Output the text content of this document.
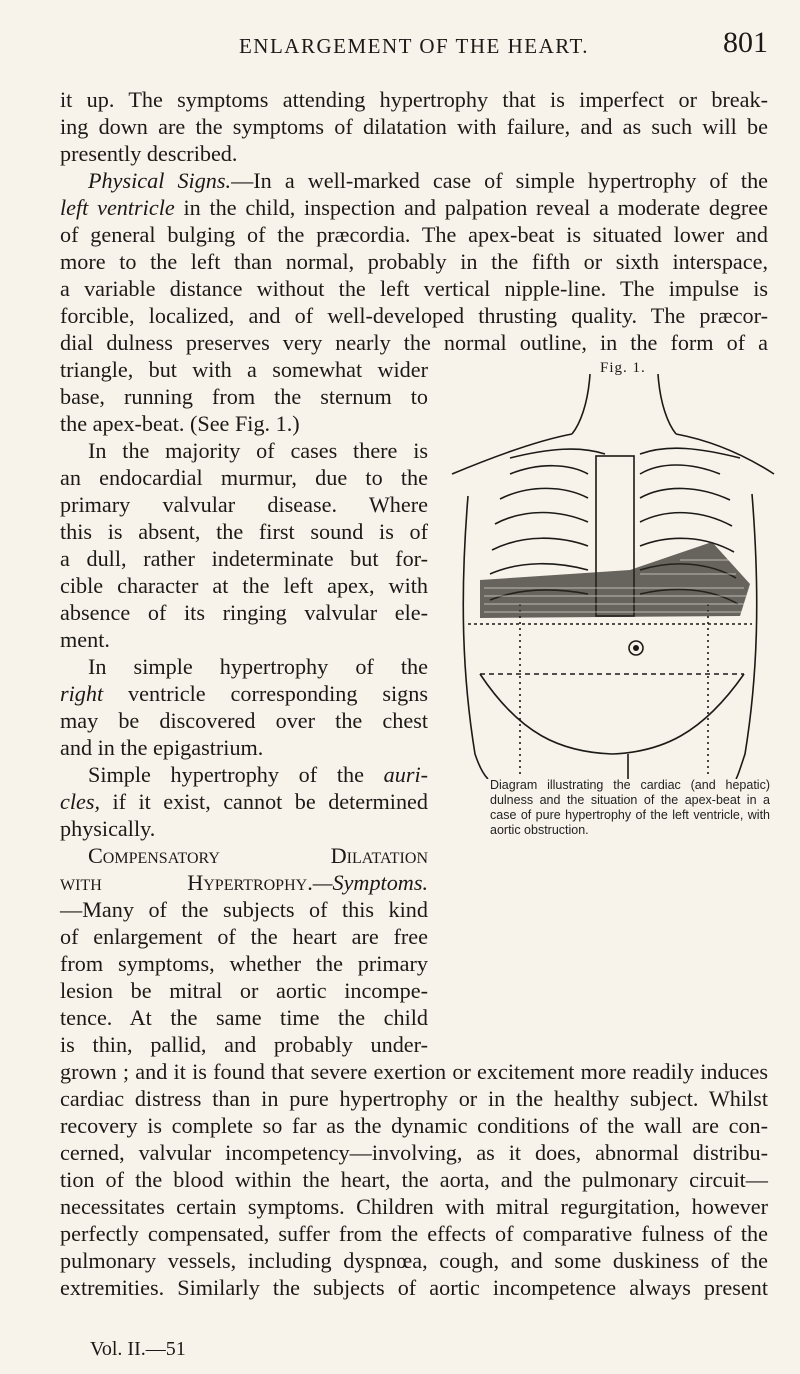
ENLARGEMENT OF THE HEART.	801

it up. The symptoms attending hypertrophy that is imperfect or break-
ing down are the symptoms of dilatation with failure, and as such will be
presently described.

Physical Signs.—In a well-marked case of simple hypertrophy of the
left ventricle in the child, inspection and palpation reveal a moderate degree
of general bulging of the præcordia. The apex-beat is situated lower and
more to the left than normal, probably in the fifth or sixth interspace,
a variable distance without the left vertical nipple-line. The impulse is
forcible, localized, and of well-developed thrusting quality. The præcor-
dial dulness preserves very nearly the normal outline, in the form of a

triangle, but with a somewhat wider
base, running from the sternum to
the apex-beat. (See Fig. 1.)

In the majority of cases there is
an endocardial murmur, due to the
primary valvular disease. Where
this is absent, the first sound is of
a dull, rather indeterminate but for-
cible character at the left apex, with
absence of its ringing valvular ele-
ment.

In simple hypertrophy of the
right ventricle corresponding signs
may be discovered over the chest
and in the epigastrium.

Simple hypertrophy of the auri-
cles, if it exist, cannot be determined
physically.

Compensatory Dilatation
with Hypertrophy.—Symptoms.
—Many of the subjects of this kind
of enlargement of the heart are free
from symptoms, whether the primary
lesion be mitral or aortic incompe-
tence. At the same time the child
is thin, pallid, and probably under-

grown ; and it is found that severe exertion or excitement more readily induces
cardiac distress than in pure hypertrophy or in the healthy subject. Whilst
recovery is complete so far as the dynamic conditions of the wall are con-
cerned, valvular incompetency—involving, as it does, abnormal distribu-
tion of the blood within the heart, the aorta, and the pulmonary circuit—
necessitates certain symptoms. Children with mitral regurgitation, however
perfectly compensated, suffer from the effects of comparative fulness of the
pulmonary vessels, including dyspnœa, cough, and some duskiness of the
extremities. Similarly the subjects of aortic incompetence always present

Fig. 1.
Diagram illustrating the cardiac (and hepatic) dulness and the situation of the apex-beat in a case of pure hypertrophy of the left ventricle, with aortic obstruction.
Vol. II.—51
